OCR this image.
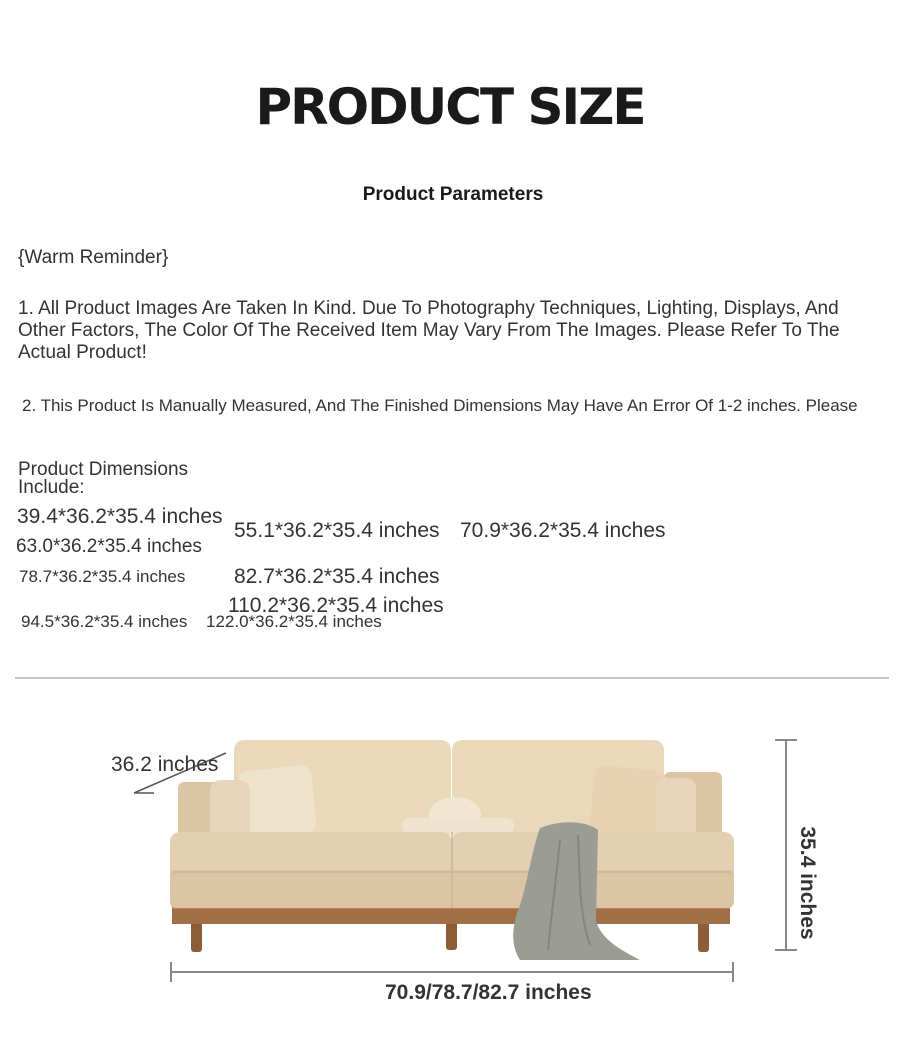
PRODUCT SIZE
Product Parameters
{Warm Reminder}
1. All Product Images Are Taken In Kind. Due To Photography Techniques, Lighting, Displays, And Other Factors, The Color Of The Received Item May Vary From The Images. Please Refer To The Actual Product!
2. This Product Is Manually Measured, And The Finished Dimensions May Have An Error Of 1-2 inches. Please
Product Dimensions Include:
39.4*36.2*35.4 inches
55.1*36.2*35.4 inches 70.9*36.2*35.4 inches
63.0*36.2*35.4 inches
78.7*36.2*35.4 inches 82.7*36.2*35.4 inches
110.2*36.2*35.4 inches
94.5*36.2*35.4 inches 122.0*36.2*35.4 inches
36.2 inches
35.4 inches
70.9/78.7/82.7 inches
